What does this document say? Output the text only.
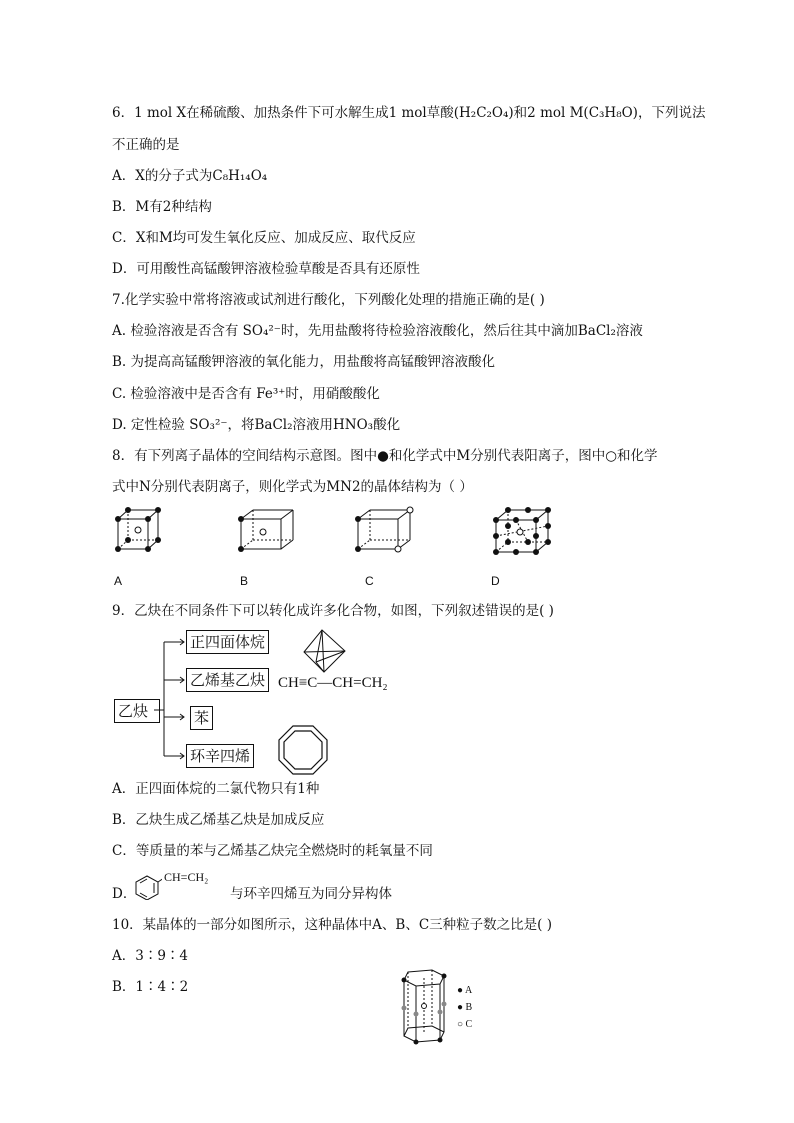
6．1 mol X在稀硫酸、加热条件下可水解生成1 mol草酸(H₂C₂O₄)和2 mol M(C₃H₈O)，下列说法
不正确的是
A．X的分子式为C₈H₁₄O₄
B．M有2种结构
C．X和M均可发生氧化反应、加成反应、取代反应
D．可用酸性高锰酸钾溶液检验草酸是否具有还原性
7.化学实验中常将溶液或试剂进行酸化，下列酸化处理的措施正确的是( )
A. 检验溶液是否含有 SO₄²⁻时，先用盐酸将待检验溶液酸化，然后往其中滴加BaCl₂溶液
B. 为提高高锰酸钾溶液的氧化能力，用盐酸将高锰酸钾溶液酸化
C. 检验溶液中是否含有 Fe³⁺时，用硝酸酸化
D. 定性检验 SO₃²⁻，将BaCl₂溶液用HNO₃酸化
8．有下列离子晶体的空间结构示意图。图中●和化学式中M分别代表阳离子，图中○和化学
式中N分别代表阴离子，则化学式为MN2的晶体结构为（ ）
A	B	C	D
9．乙炔在不同条件下可以转化成许多化合物，如图，下列叙述错误的是( )
乙炔
正四面体烷
乙烯基乙炔
苯
环辛四烯
CH≡C—CH=CH₂
A．正四面体烷的二氯代物只有1种
B．乙炔生成乙烯基乙炔是加成反应
C．等质量的苯与乙烯基乙炔完全燃烧时的耗氧量不同
D．
CH=CH₂
与环辛四烯互为同分异构体
10．某晶体的一部分如图所示，这种晶体中A、B、C三种粒子数之比是( )
A．3∶9∶4
B．1∶4∶2	● A
● B
○ C
